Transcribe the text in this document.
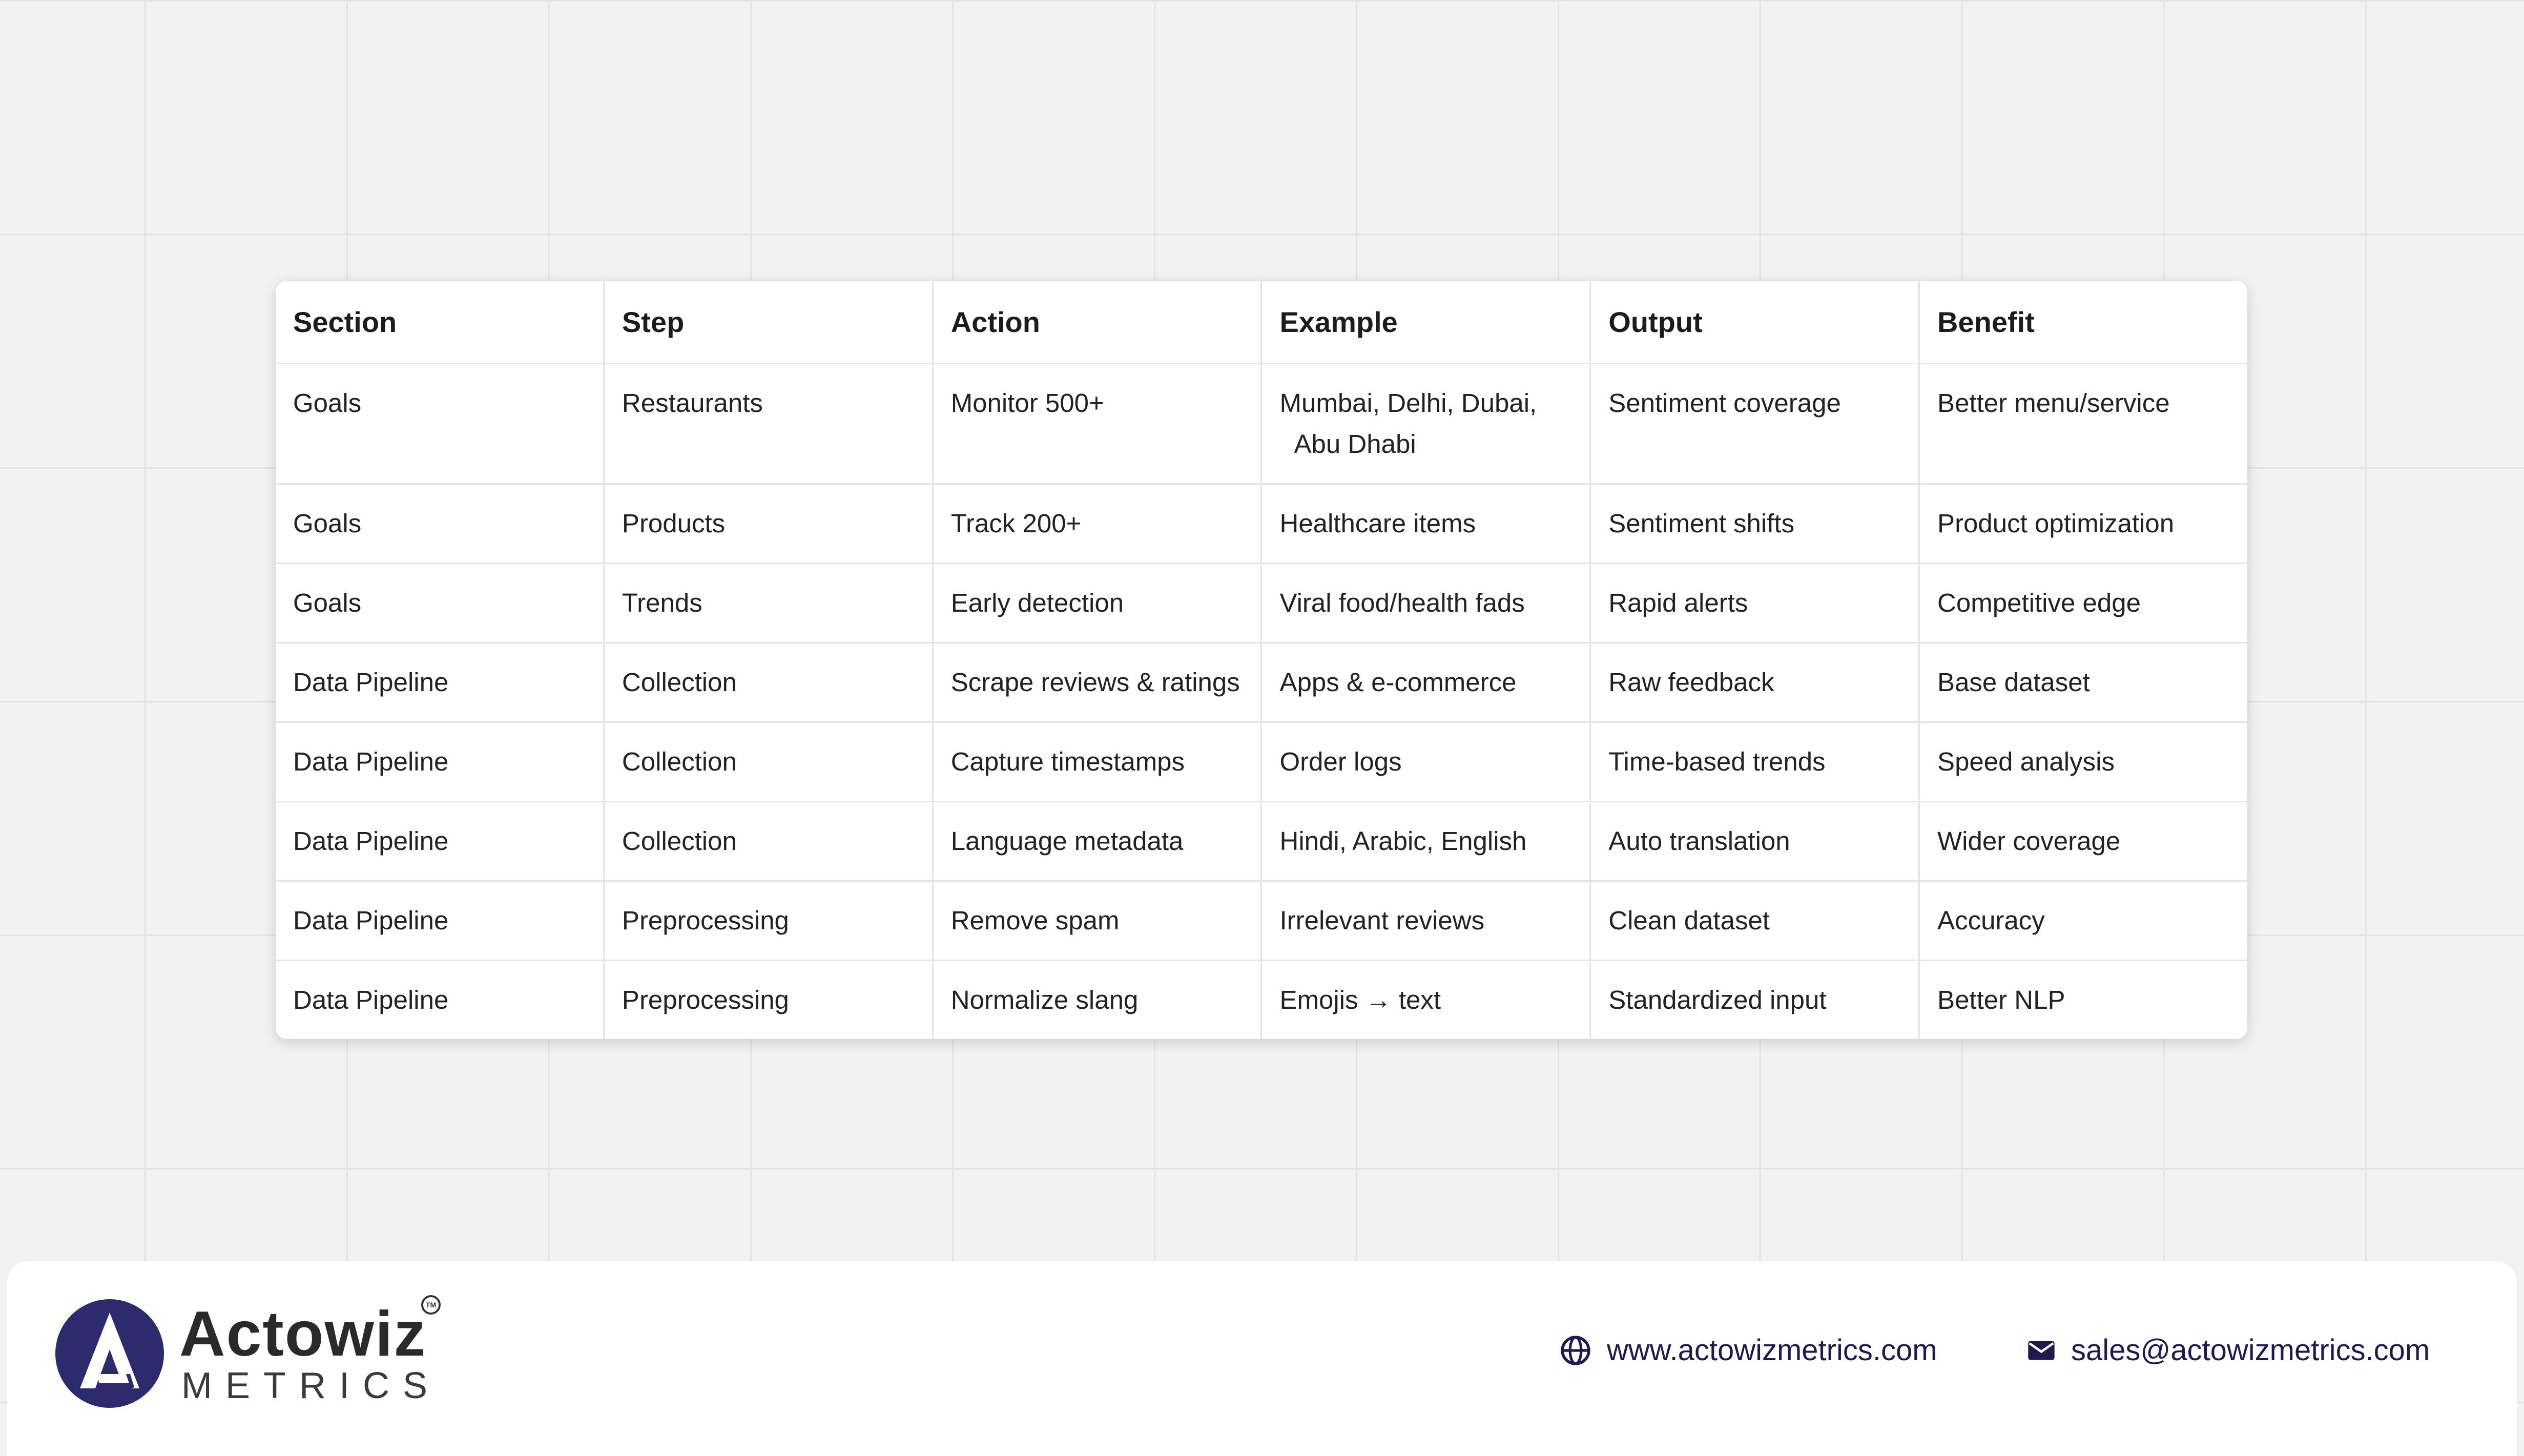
Section	Step	Action	Example	Output	Benefit

Goals	Restaurants	Monitor 500+	Mumbai, Delhi, Dubai, Abu Dhabi	Sentiment coverage	Better menu/service

Goals	Products	Track 200+	Healthcare items	Sentiment shifts	Product optimization

Goals	Trends	Early detection	Viral food/health fads	Rapid alerts	Competitive edge

Data Pipeline	Collection	Scrape reviews & ratings	Apps & e-commerce	Raw feedback	Base dataset

Data Pipeline	Collection	Capture timestamps	Order logs	Time-based trends	Speed analysis

Data Pipeline	Collection	Language metadata	Hindi, Arabic, English	Auto translation	Wider coverage

Data Pipeline	Preprocessing	Remove spam	Irrelevant reviews	Clean dataset	Accuracy

Data Pipeline	Preprocessing	Normalize slang	Emojis → text	Standardized input	Better NLP
Actowiz
TM
METRICS
www.actowizmetrics.com	sales@actowizmetrics.com
